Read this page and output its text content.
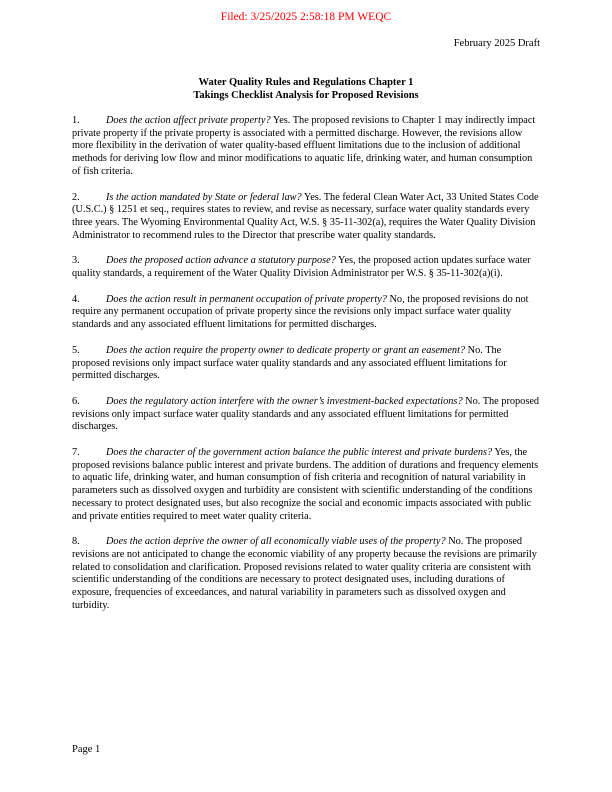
Filed: 3/25/2025 2:58:18 PM WEQC
February 2025 Draft
Water Quality Rules and Regulations Chapter 1
Takings Checklist Analysis for Proposed Revisions

1.	Does the action affect private property? Yes. The proposed revisions to Chapter 1 may indirectly impact private property if the private property is associated with a permitted discharge. However, the revisions allow more flexibility in the derivation of water quality-based effluent limitations due to the inclusion of additional methods for deriving low flow and minor modifications to aquatic life, drinking water, and human consumption of fish criteria.

2.	Is the action mandated by State or federal law? Yes. The federal Clean Water Act, 33 United States Code (U.S.C.) § 1251 et seq., requires states to review, and revise as necessary, surface water quality standards every three years. The Wyoming Environmental Quality Act, W.S. § 35-11-302(a), requires the Water Quality Division Administrator to recommend rules to the Director that prescribe water quality standards.

3.	Does the proposed action advance a statutory purpose? Yes, the proposed action updates surface water quality standards, a requirement of the Water Quality Division Administrator per W.S. § 35-11-302(a)(i).

4.	Does the action result in permanent occupation of private property? No, the proposed revisions do not require any permanent occupation of private property since the revisions only impact surface water quality standards and any associated effluent limitations for permitted discharges.

5.	Does the action require the property owner to dedicate property or grant an easement? No. The proposed revisions only impact surface water quality standards and any associated effluent limitations for permitted discharges.

6.	Does the regulatory action interfere with the owner’s investment-backed expectations? No. The proposed revisions only impact surface water quality standards and any associated effluent limitations for permitted discharges.

7.	Does the character of the government action balance the public interest and private burdens? Yes, the proposed revisions balance public interest and private burdens. The addition of durations and frequency elements to aquatic life, drinking water, and human consumption of fish criteria and recognition of natural variability in parameters such as dissolved oxygen and turbidity are consistent with scientific understanding of the conditions necessary to protect designated uses, but also recognize the social and economic impacts associated with public and private entities required to meet water quality criteria.

8.	Does the action deprive the owner of all economically viable uses of the property? No. The proposed revisions are not anticipated to change the economic viability of any property because the revisions are primarily related to consolidation and clarification. Proposed revisions related to water quality criteria are consistent with scientific understanding of the conditions are necessary to protect designated uses, including durations of exposure, frequencies of exceedances, and natural variability in parameters such as dissolved oxygen and turbidity.

Page 1
